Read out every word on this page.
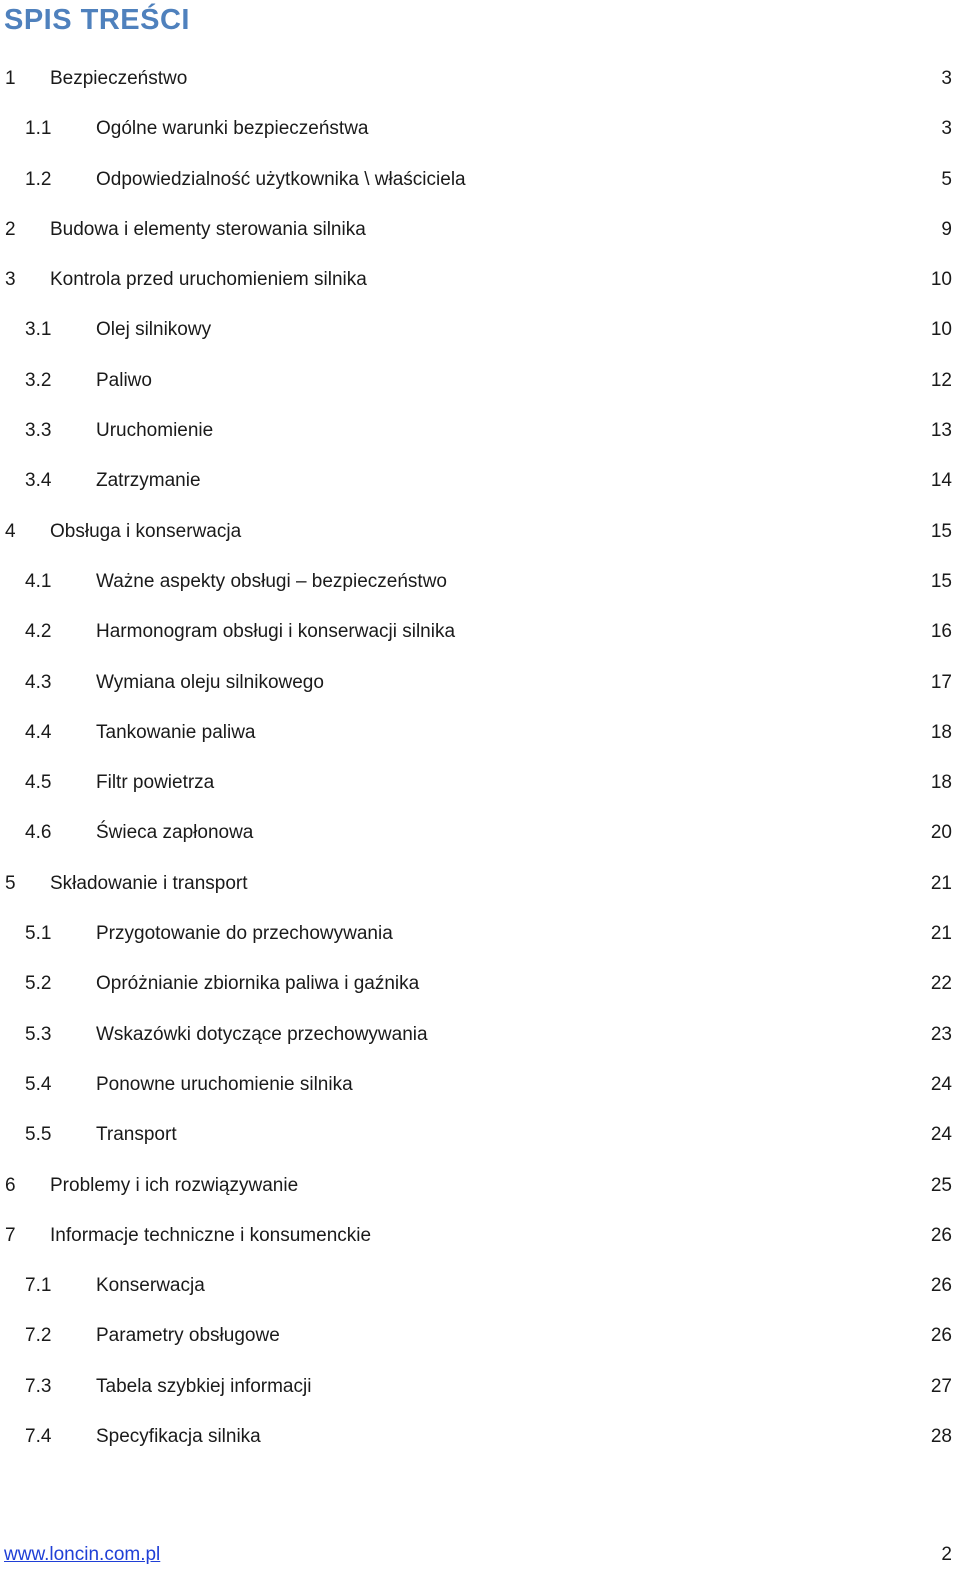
SPIS TREŚCI
1 Bezpieczeństwo	3
1.1 Ogólne warunki bezpieczeństwa	3
1.2 Odpowiedzialność użytkownika \ właściciela	5
2 Budowa i elementy sterowania silnika	9
3 Kontrola przed uruchomieniem silnika	10
3.1 Olej silnikowy	10
3.2 Paliwo	12
3.3 Uruchomienie	13
3.4 Zatrzymanie	14
4 Obsługa i konserwacja	15
4.1 Ważne aspekty obsługi – bezpieczeństwo	15
4.2 Harmonogram obsługi i konserwacji silnika	16
4.3 Wymiana oleju silnikowego	17
4.4 Tankowanie paliwa	18
4.5 Filtr powietrza	18
4.6 Świeca zapłonowa	20
5 Składowanie i transport	21
5.1 Przygotowanie do przechowywania	21
5.2 Opróżnianie zbiornika paliwa i gaźnika	22
5.3 Wskazówki dotyczące przechowywania	23
5.4 Ponowne uruchomienie silnika	24
5.5 Transport	24
6 Problemy i ich rozwiązywanie	25
7 Informacje techniczne i konsumenckie	26
7.1 Konserwacja	26
7.2 Parametry obsługowe	26
7.3 Tabela szybkiej informacji	27
7.4 Specyfikacja silnika	28
www.loncin.com.pl	2
